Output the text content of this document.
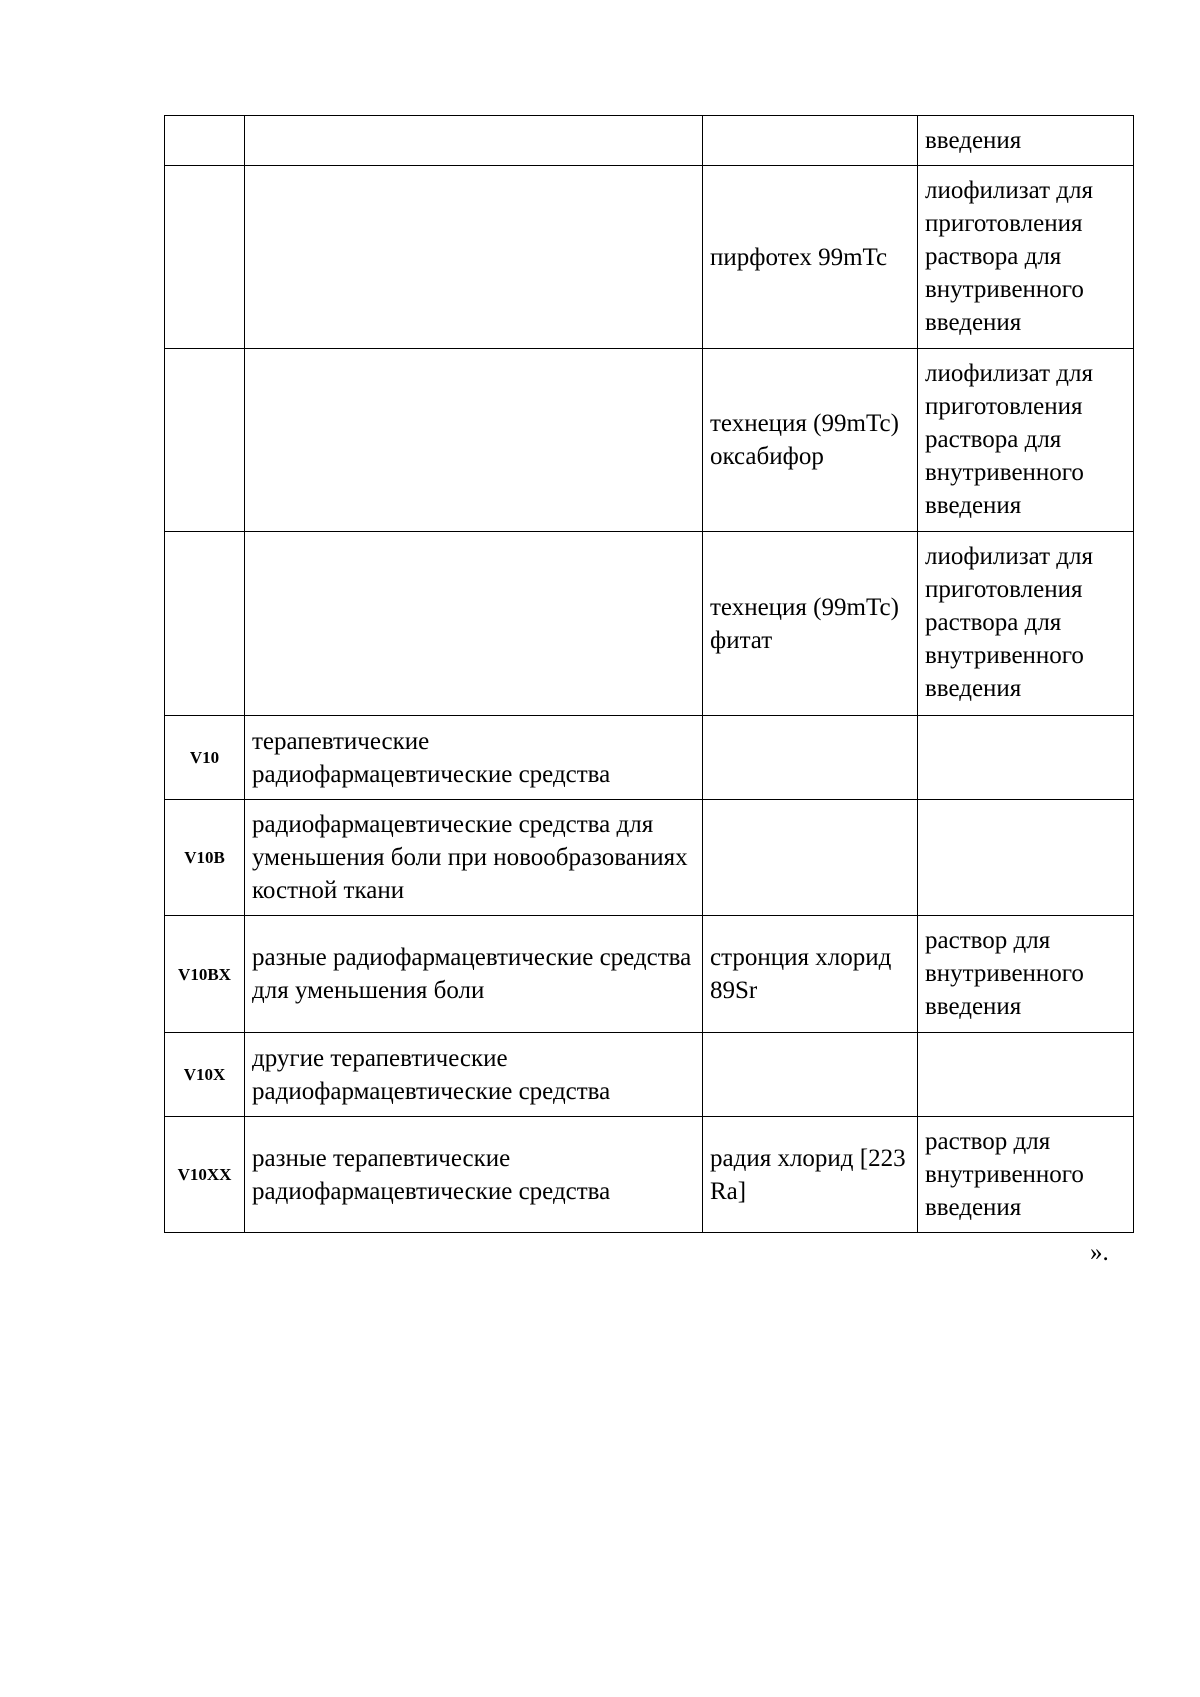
			введения
		пирфотех 99mTc	лиофилизат для приготовления раствора для внутривенного введения
		технеция (99mTc) оксабифор	лиофилизат для приготовления раствора для внутривенного введения
		технеция (99mTc) фитат	лиофилизат для приготовления раствора для внутривенного введения
V10	терапевтические радиофармацевтические средства		
V10B	радиофармацевтические средства для уменьшения боли при новообразованиях костной ткани		
V10BX	разные радиофармацевтические средства для уменьшения боли	стронция хлорид 89Sr	раствор для внутривенного введения
V10X	другие терапевтические радиофармацевтические средства		
V10XX	разные терапевтические радиофармацевтические средства	радия хлорид [223 Ra]	раствор для внутривенного введения
».
